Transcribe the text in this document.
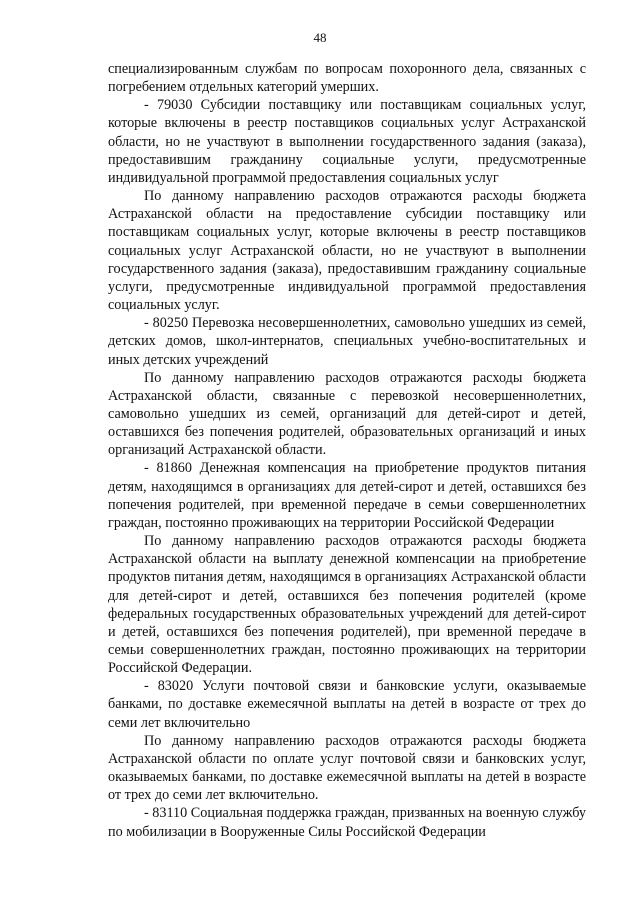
48

специализированным службам по вопросам похоронного дела, связанных с погребением отдельных категорий умерших.

- 79030 Субсидии поставщику или поставщикам социальных услуг, которые включены в реестр поставщиков социальных услуг Астраханской области, но не участвуют в выполнении государственного задания (заказа), предоставившим гражданину социальные услуги, предусмотренные индивидуальной программой предоставления социальных услуг

По данному направлению расходов отражаются расходы бюджета Астраханской области на предоставление субсидии поставщику или поставщикам социальных услуг, которые включены в реестр поставщиков социальных услуг Астраханской области, но не участвуют в выполнении государственного задания (заказа), предоставившим гражданину социальные услуги, предусмотренные индивидуальной программой предоставления социальных услуг.

- 80250 Перевозка несовершеннолетних, самовольно ушедших из семей, детских домов, школ-интернатов, специальных учебно-воспитательных и иных детских учреждений

По данному направлению расходов отражаются расходы бюджета Астраханской области, связанные с перевозкой несовершеннолетних, самовольно ушедших из семей, организаций для детей-сирот и детей, оставшихся без попечения родителей, образовательных организаций и иных организаций Астраханской области.

- 81860 Денежная компенсация на приобретение продуктов питания детям, находящимся в организациях для детей-сирот и детей, оставшихся без попечения родителей, при временной передаче в семьи совершеннолетних граждан, постоянно проживающих на территории Российской Федерации

По данному направлению расходов отражаются расходы бюджета Астраханской области на выплату денежной компенсации на приобретение продуктов питания детям, находящимся в организациях Астраханской области для детей-сирот и детей, оставшихся без попечения родителей (кроме федеральных государственных образовательных учреждений для детей-сирот и детей, оставшихся без попечения родителей), при временной передаче в семьи совершеннолетних граждан, постоянно проживающих на территории Российской Федерации.

- 83020 Услуги почтовой связи и банковские услуги, оказываемые банками, по доставке ежемесячной выплаты на детей в возрасте от трех до семи лет включительно

По данному направлению расходов отражаются расходы бюджета Астраханской области по оплате услуг почтовой связи и банковских услуг, оказываемых банками, по доставке ежемесячной выплаты на детей в возрасте от трех до семи лет включительно.

- 83110 Социальная поддержка граждан, призванных на военную службу по мобилизации в Вооруженные Силы Российской Федерации
